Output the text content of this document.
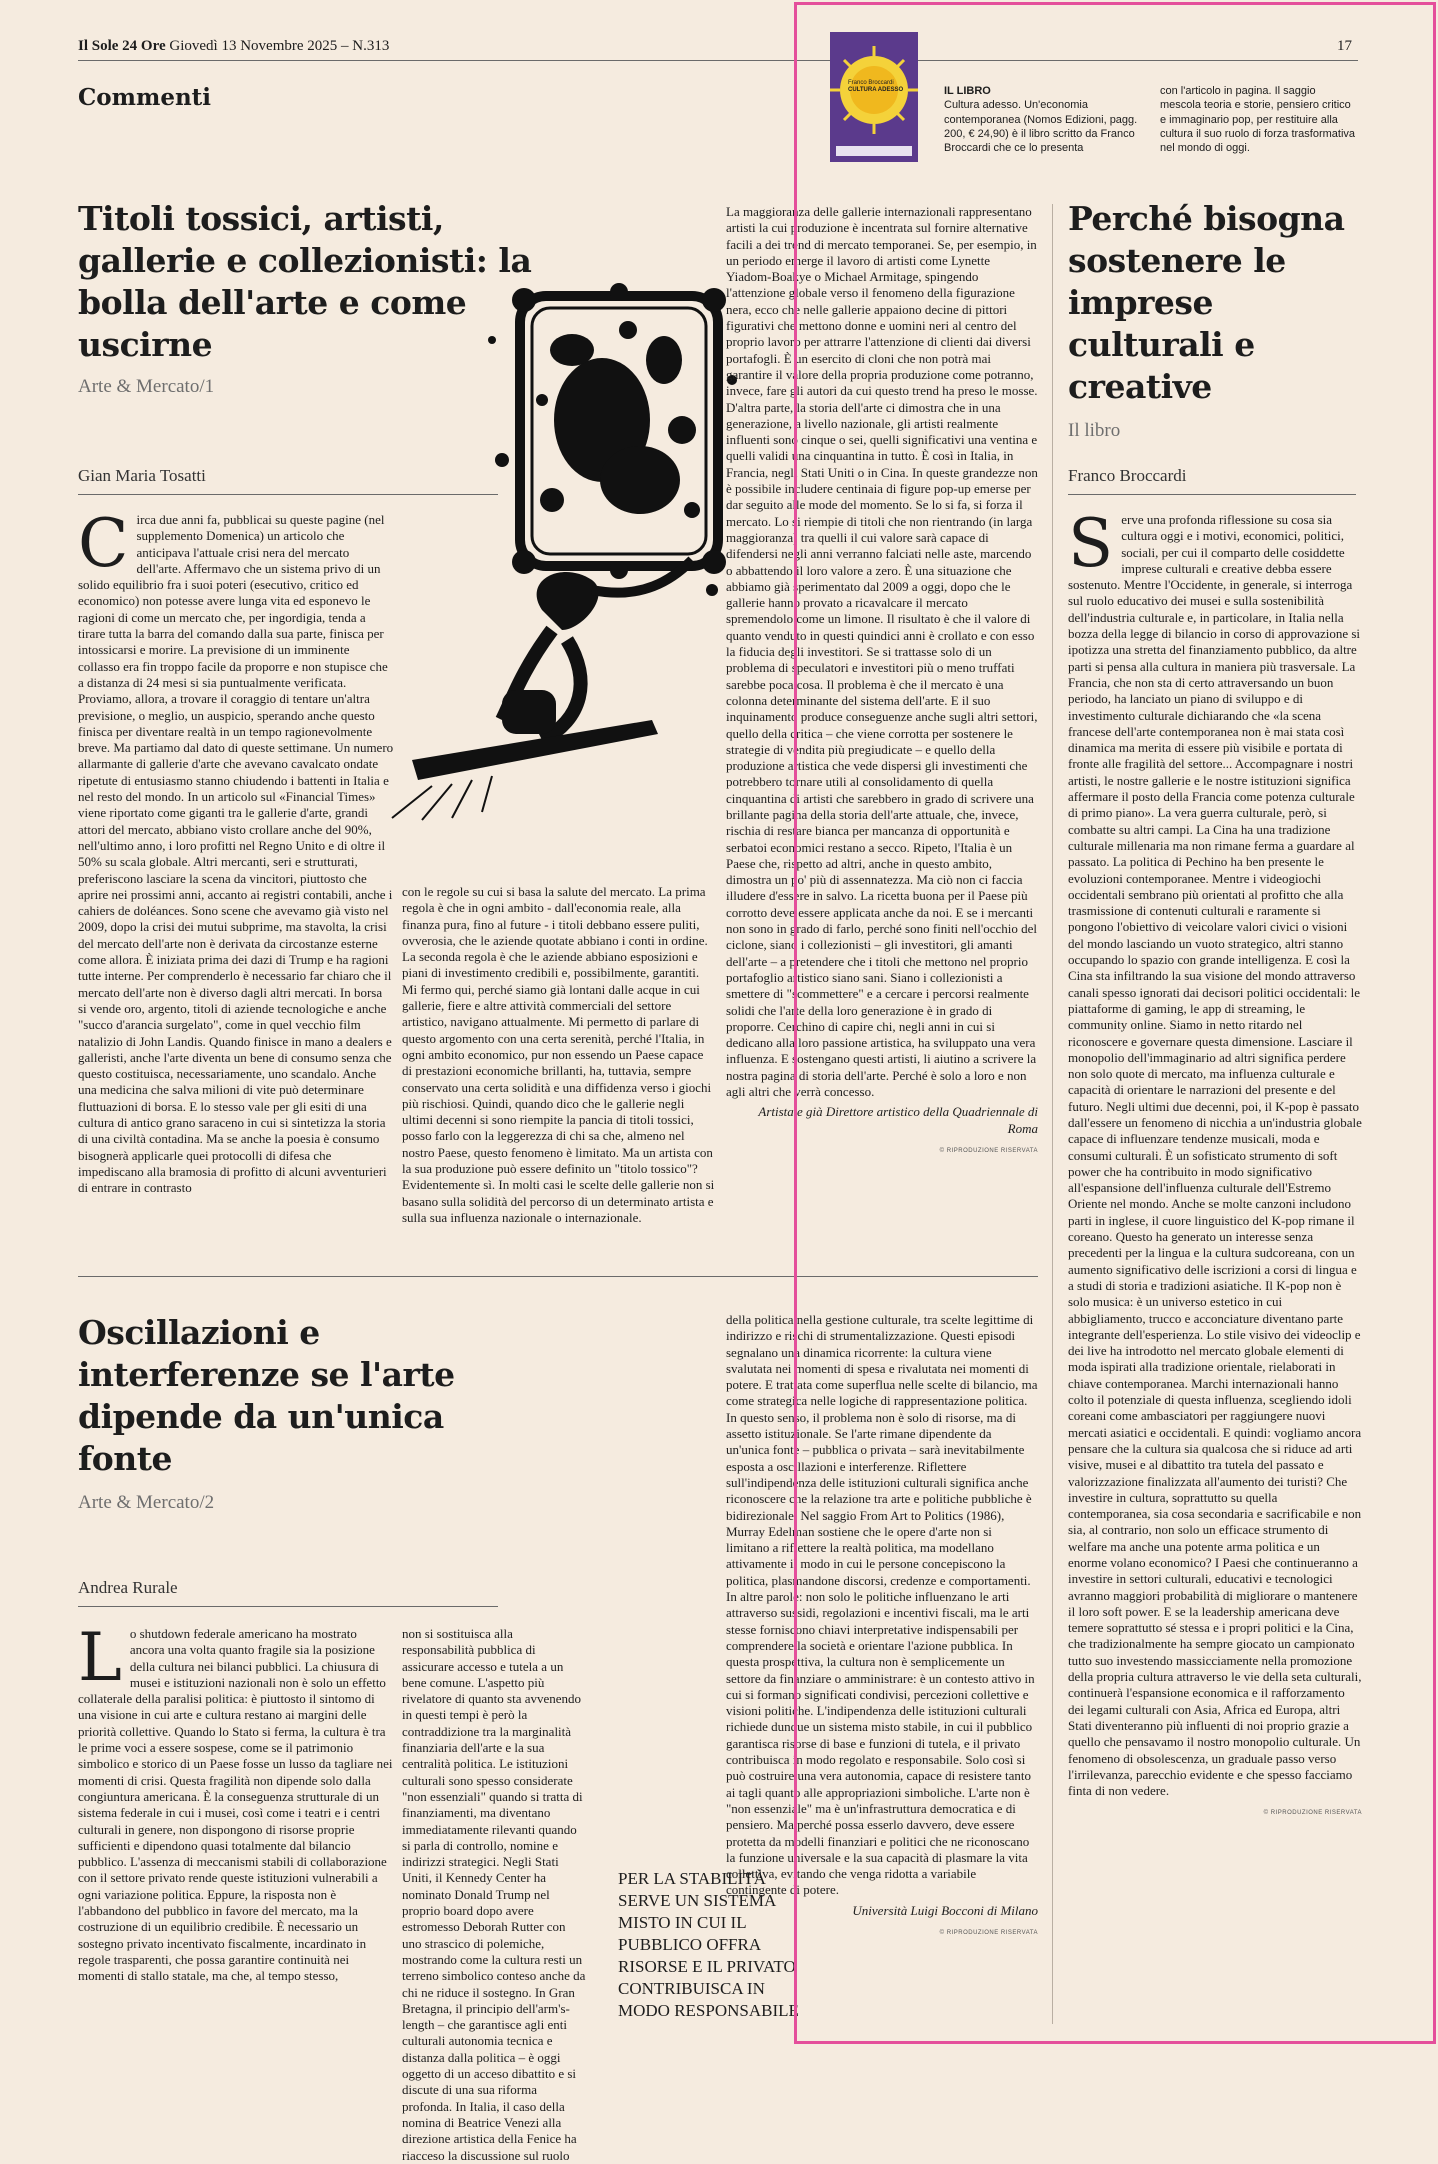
Il Sole 24 Ore Giovedì 13 Novembre 2025 – N.313	17
Commenti
Franco Broccardi
CULTURA ADESSO	IL LIBRO
Cultura adesso. Un'economia contemporanea (Nomos Edizioni, pagg. 200, € 24,90) è il libro scritto da Franco Broccardi che ce lo presenta
con l'articolo in pagina. Il saggio mescola teoria e storie, pensiero critico e immaginario pop, per restituire alla cultura il suo ruolo di forza trasformativa nel mondo di oggi.
Titoli tossici, artisti, gallerie e collezionisti: la bolla dell'arte e come uscirne
Arte & Mercato/1
Gian Maria Tosatti
C irca due anni fa, pubblicai su queste pagine (nel supplemento Domenica) un articolo che anticipava l'attuale crisi nera del mercato dell'arte. Affermavo che un sistema privo di un solido equilibrio fra i suoi poteri (esecutivo, critico ed economico) non potesse avere lunga vita ed esponevo le ragioni di come un mercato che, per ingordigia, tenda a tirare tutta la barra del comando dalla sua parte, finisca per intossicarsi e morire. La previsione di un imminente collasso era fin troppo facile da proporre e non stupisce che a distanza di 24 mesi si sia puntualmente verificata. Proviamo, allora, a trovare il coraggio di tentare un'altra previsione, o meglio, un auspicio, sperando anche questo finisca per diventare realtà in un tempo ragionevolmente breve. Ma partiamo dal dato di queste settimane. Un numero allarmante di gallerie d'arte che avevano cavalcato ondate ripetute di entusiasmo stanno chiudendo i battenti in Italia e nel resto del mondo. In un articolo sul «Financial Times» viene riportato come giganti tra le gallerie d'arte, grandi attori del mercato, abbiano visto crollare anche del 90%, nell'ultimo anno, i loro profitti nel Regno Unito e di oltre il 50% su scala globale. Altri mercanti, seri e strutturati, preferiscono lasciare la scena da vincitori, piuttosto che aprire nei prossimi anni, accanto ai registri contabili, anche i cahiers de doléances. Sono scene che avevamo già visto nel 2009, dopo la crisi dei mutui subprime, ma stavolta, la crisi del mercato dell'arte non è derivata da circostanze esterne come allora. È iniziata prima dei dazi di Trump e ha ragioni tutte interne. Per comprenderlo è necessario far chiaro che il mercato dell'arte non è diverso dagli altri mercati. In borsa si vende oro, argento, titoli di aziende tecnologiche e anche "succo d'arancia surgelato", come in quel vecchio film natalizio di John Landis. Quando finisce in mano a dealers e galleristi, anche l'arte diventa un bene di consumo senza che questo costituisca, necessariamente, uno scandalo. Anche una medicina che salva milioni di vite può determinare fluttuazioni di borsa. E lo stesso vale per gli esiti di una cultura di antico grano saraceno in cui si sintetizza la storia di una civiltà contadina. Ma se anche la poesia è consumo bisognerà applicarle quei protocolli di difesa che impediscano alla bramosia di profitto di alcuni avventurieri di entrare in contrasto

con le regole su cui si basa la salute del mercato. La prima regola è che in ogni ambito - dall'economia reale, alla finanza pura, fino al future - i titoli debbano essere puliti, ovverosia, che le aziende quotate abbiano i conti in ordine. La seconda regola è che le aziende abbiano esposizioni e piani di investimento credibili e, possibilmente, garantiti. Mi fermo qui, perché siamo già lontani dalle acque in cui gallerie, fiere e altre attività commerciali del settore artistico, navigano attualmente. Mi permetto di parlare di questo argomento con una certa serenità, perché l'Italia, in ogni ambito economico, pur non essendo un Paese capace di prestazioni economiche brillanti, ha, tuttavia, sempre conservato una certa solidità e una diffidenza verso i giochi più rischiosi. Quindi, quando dico che le gallerie negli ultimi decenni si sono riempite la pancia di titoli tossici, posso farlo con la leggerezza di chi sa che, almeno nel nostro Paese, questo fenomeno è limitato. Ma un artista con la sua produzione può essere definito un "titolo tossico"? Evidentemente sì. In molti casi le scelte delle gallerie non si basano sulla solidità del percorso di un determinato artista e sulla sua influenza nazionale o internazionale.

La maggioranza delle gallerie internazionali rappresentano artisti la cui produzione è incentrata sul fornire alternative facili a dei trend di mercato temporanei. Se, per esempio, in un periodo emerge il lavoro di artisti come Lynette Yiadom-Boakye o Michael Armitage, spingendo l'attenzione globale verso il fenomeno della figurazione nera, ecco che nelle gallerie appaiono decine di pittori figurativi che mettono donne e uomini neri al centro del proprio lavoro per attrarre l'attenzione di clienti dai diversi portafogli. È un esercito di cloni che non potrà mai garantire il valore della propria produzione come potranno, invece, fare gli autori da cui questo trend ha preso le mosse. D'altra parte, la storia dell'arte ci dimostra che in una generazione, a livello nazionale, gli artisti realmente influenti sono cinque o sei, quelli significativi una ventina e quelli validi una cinquantina in tutto. È così in Italia, in Francia, negli Stati Uniti o in Cina. In queste grandezze non è possibile includere centinaia di figure pop-up emerse per dar seguito alle mode del momento. Se lo si fa, si forza il mercato. Lo si riempie di titoli che non rientrando (in larga maggioranza) tra quelli il cui valore sarà capace di difendersi negli anni verranno falciati nelle aste, marcendo o abbattendo il loro valore a zero. È una situazione che abbiamo già sperimentato dal 2009 a oggi, dopo che le gallerie hanno provato a ricavalcare il mercato spremendolo come un limone. Il risultato è che il valore di quanto venduto in questi quindici anni è crollato e con esso la fiducia degli investitori. Se si trattasse solo di un problema di speculatori e investitori più o meno truffati sarebbe poca cosa. Il problema è che il mercato è una colonna determinante del sistema dell'arte. E il suo inquinamento produce conseguenze anche sugli altri settori, quello della critica – che viene corrotta per sostenere le strategie di vendita più pregiudicate – e quello della produzione artistica che vede dispersi gli investimenti che potrebbero tornare utili al consolidamento di quella cinquantina di artisti che sarebbero in grado di scrivere una brillante pagina della storia dell'arte attuale, che, invece, rischia di restare bianca per mancanza di opportunità e serbatoi economici restano a secco. Ripeto, l'Italia è un Paese che, rispetto ad altri, anche in questo ambito, dimostra un po' più di assennatezza. Ma ciò non ci faccia illudere d'essere in salvo. La ricetta buona per il Paese più corrotto deve essere applicata anche da noi. E se i mercanti non sono in grado di farlo, perché sono finiti nell'occhio del ciclone, siano i collezionisti – gli investitori, gli amanti dell'arte – a pretendere che i titoli che mettono nel proprio portafoglio artistico siano sani. Siano i collezionisti a smettere di "scommettere" e a cercare i percorsi realmente solidi che l'arte della loro generazione è in grado di proporre. Cerchino di capire chi, negli anni in cui si dedicano alla loro passione artistica, ha sviluppato una vera influenza. E sostengano questi artisti, li aiutino a scrivere la nostra pagina di storia dell'arte. Perché è solo a loro e non agli altri che verrà concesso.

Artista e già Direttore artistico della Quadriennale di Roma

© RIPRODUZIONE RISERVATA

Oscillazioni e interferenze se l'arte dipende da un'unica fonte
Arte & Mercato/2
Andrea Rurale
L o shutdown federale americano ha mostrato ancora una volta quanto fragile sia la posizione della cultura nei bilanci pubblici. La chiusura di musei e istituzioni nazionali non è solo un effetto collaterale della paralisi politica: è piuttosto il sintomo di una visione in cui arte e cultura restano ai margini delle priorità collettive. Quando lo Stato si ferma, la cultura è tra le prime voci a essere sospese, come se il patrimonio simbolico e storico di un Paese fosse un lusso da tagliare nei momenti di crisi. Questa fragilità non dipende solo dalla congiuntura americana. È la conseguenza strutturale di un sistema federale in cui i musei, così come i teatri e i centri culturali in genere, non dispongono di risorse proprie sufficienti e dipendono quasi totalmente dal bilancio pubblico. L'assenza di meccanismi stabili di collaborazione con il settore privato rende queste istituzioni vulnerabili a ogni variazione politica. Eppure, la risposta non è l'abbandono del pubblico in favore del mercato, ma la costruzione di un equilibrio credibile. È necessario un sostegno privato incentivato fiscalmente, incardinato in regole trasparenti, che possa garantire continuità nei momenti di stallo statale, ma che, al tempo stesso,

non si sostituisca alla responsabilità pubblica di assicurare accesso e tutela a un bene comune. L'aspetto più rivelatore di quanto sta avvenendo in questi tempi è però la contraddizione tra la marginalità finanziaria dell'arte e la sua centralità politica. Le istituzioni culturali sono spesso considerate "non essenziali" quando si tratta di finanziamenti, ma diventano immediatamente rilevanti quando si parla di controllo, nomine e indirizzi strategici. Negli Stati Uniti, il Kennedy Center ha nominato Donald Trump nel proprio board dopo avere estromesso Deborah Rutter con uno strascico di polemiche, mostrando come la cultura resti un terreno simbolico conteso anche da chi ne riduce il sostegno. In Gran Bretagna, il principio dell'arm's-length – che garantisce agli enti culturali autonomia tecnica e distanza dalla politica – è oggi oggetto di un acceso dibattito e si discute di una sua riforma profonda. In Italia, il caso della nomina di Beatrice Venezi alla direzione artistica della Fenice ha riacceso la discussione sul ruolo

PER LA STABILITÀ SERVE UN SISTEMA MISTO IN CUI IL PUBBLICO OFFRA RISORSE E IL PRIVATO CONTRIBUISCA IN MODO RESPONSABILE

della politica nella gestione culturale, tra scelte legittime di indirizzo e rischi di strumentalizzazione. Questi episodi segnalano una dinamica ricorrente: la cultura viene svalutata nei momenti di spesa e rivalutata nei momenti di potere. E trattata come superflua nelle scelte di bilancio, ma come strategica nelle logiche di rappresentazione politica. In questo senso, il problema non è solo di risorse, ma di assetto istituzionale. Se l'arte rimane dipendente da un'unica fonte – pubblica o privata – sarà inevitabilmente esposta a oscillazioni e interferenze. Riflettere sull'indipendenza delle istituzioni culturali significa anche riconoscere che la relazione tra arte e politiche pubbliche è bidirezionale. Nel saggio From Art to Politics (1986), Murray Edelman sostiene che le opere d'arte non si limitano a riflettere la realtà politica, ma modellano attivamente il modo in cui le persone concepiscono la politica, plasmandone discorsi, credenze e comportamenti. In altre parole: non solo le politiche influenzano le arti attraverso sussidi, regolazioni e incentivi fiscali, ma le arti stesse forniscono chiavi interpretative indispensabili per comprendere la società e orientare l'azione pubblica. In questa prospettiva, la cultura non è semplicemente un settore da finanziare o amministrare: è un contesto attivo in cui si formano significati condivisi, percezioni collettive e visioni politiche. L'indipendenza delle istituzioni culturali richiede dunque un sistema misto stabile, in cui il pubblico garantisca risorse di base e funzioni di tutela, e il privato contribuisca in modo regolato e responsabile. Solo così si può costruire una vera autonomia, capace di resistere tanto ai tagli quanto alle appropriazioni simboliche. L'arte non è "non essenziale" ma è un'infrastruttura democratica e di pensiero. Ma perché possa esserlo davvero, deve essere protetta da modelli finanziari e politici che ne riconoscano la funzione universale e la sua capacità di plasmare la vita collettiva, evitando che venga ridotta a variabile contingente di potere.

Università Luigi Bocconi di Milano

© RIPRODUZIONE RISERVATA

Perché bisogna sostenere le imprese culturali e creative
Il libro
Franco Broccardi
S erve una profonda riflessione su cosa sia cultura oggi e i motivi, economici, politici, sociali, per cui il comparto delle cosiddette imprese culturali e creative debba essere sostenuto. Mentre l'Occidente, in generale, si interroga sul ruolo educativo dei musei e sulla sostenibilità dell'industria culturale e, in particolare, in Italia nella bozza della legge di bilancio in corso di approvazione si ipotizza una stretta del finanziamento pubblico, da altre parti si pensa alla cultura in maniera più trasversale. La Francia, che non sta di certo attraversando un buon periodo, ha lanciato un piano di sviluppo e di investimento culturale dichiarando che «la scena francese dell'arte contemporanea non è mai stata così dinamica ma merita di essere più visibile e portata di fronte alle fragilità del settore... Accompagnare i nostri artisti, le nostre gallerie e le nostre istituzioni significa affermare il posto della Francia come potenza culturale di primo piano». La vera guerra culturale, però, si combatte su altri campi. La Cina ha una tradizione culturale millenaria ma non rimane ferma a guardare al passato. La politica di Pechino ha ben presente le evoluzioni contemporanee. Mentre i videogiochi occidentali sembrano più orientati al profitto che alla trasmissione di contenuti culturali e raramente si pongono l'obiettivo di veicolare valori civici o visioni del mondo lasciando un vuoto strategico, altri stanno occupando lo spazio con grande intelligenza. E così la Cina sta infiltrando la sua visione del mondo attraverso canali spesso ignorati dai decisori politici occidentali: le piattaforme di gaming, le app di streaming, le community online. Siamo in netto ritardo nel riconoscere e governare questa dimensione. Lasciare il monopolio dell'immaginario ad altri significa perdere non solo quote di mercato, ma influenza culturale e capacità di orientare le narrazioni del presente e del futuro. Negli ultimi due decenni, poi, il K-pop è passato dall'essere un fenomeno di nicchia a un'industria globale capace di influenzare tendenze musicali, moda e consumi culturali. È un sofisticato strumento di soft power che ha contribuito in modo significativo all'espansione dell'influenza culturale dell'Estremo Oriente nel mondo. Anche se molte canzoni includono parti in inglese, il cuore linguistico del K-pop rimane il coreano. Questo ha generato un interesse senza precedenti per la lingua e la cultura sudcoreana, con un aumento significativo delle iscrizioni a corsi di lingua e a studi di storia e tradizioni asiatiche. Il K-pop non è solo musica: è un universo estetico in cui abbigliamento, trucco e acconciature diventano parte integrante dell'esperienza. Lo stile visivo dei videoclip e dei live ha introdotto nel mercato globale elementi di moda ispirati alla tradizione orientale, rielaborati in chiave contemporanea. Marchi internazionali hanno colto il potenziale di questa influenza, scegliendo idoli coreani come ambasciatori per raggiungere nuovi mercati asiatici e occidentali. E quindi: vogliamo ancora pensare che la cultura sia qualcosa che si riduce ad arti visive, musei e al dibattito tra tutela del passato e valorizzazione finalizzata all'aumento dei turisti? Che investire in cultura, soprattutto su quella contemporanea, sia cosa secondaria e sacrificabile e non sia, al contrario, non solo un efficace strumento di welfare ma anche una potente arma politica e un enorme volano economico? I Paesi che continueranno a investire in settori culturali, educativi e tecnologici avranno maggiori probabilità di migliorare o mantenere il loro soft power. E se la leadership americana deve temere soprattutto sé stessa e i propri politici e la Cina, che tradizionalmente ha sempre giocato un campionato tutto suo investendo massicciamente nella promozione della propria cultura attraverso le vie della seta culturali, continuerà l'espansione economica e il rafforzamento dei legami culturali con Asia, Africa ed Europa, altri Stati diventeranno più influenti di noi proprio grazie a quello che pensavamo il nostro monopolio culturale. Un fenomeno di obsolescenza, un graduale passo verso l'irrilevanza, parecchio evidente e che spesso facciamo finta di non vedere.

© RIPRODUZIONE RISERVATA
